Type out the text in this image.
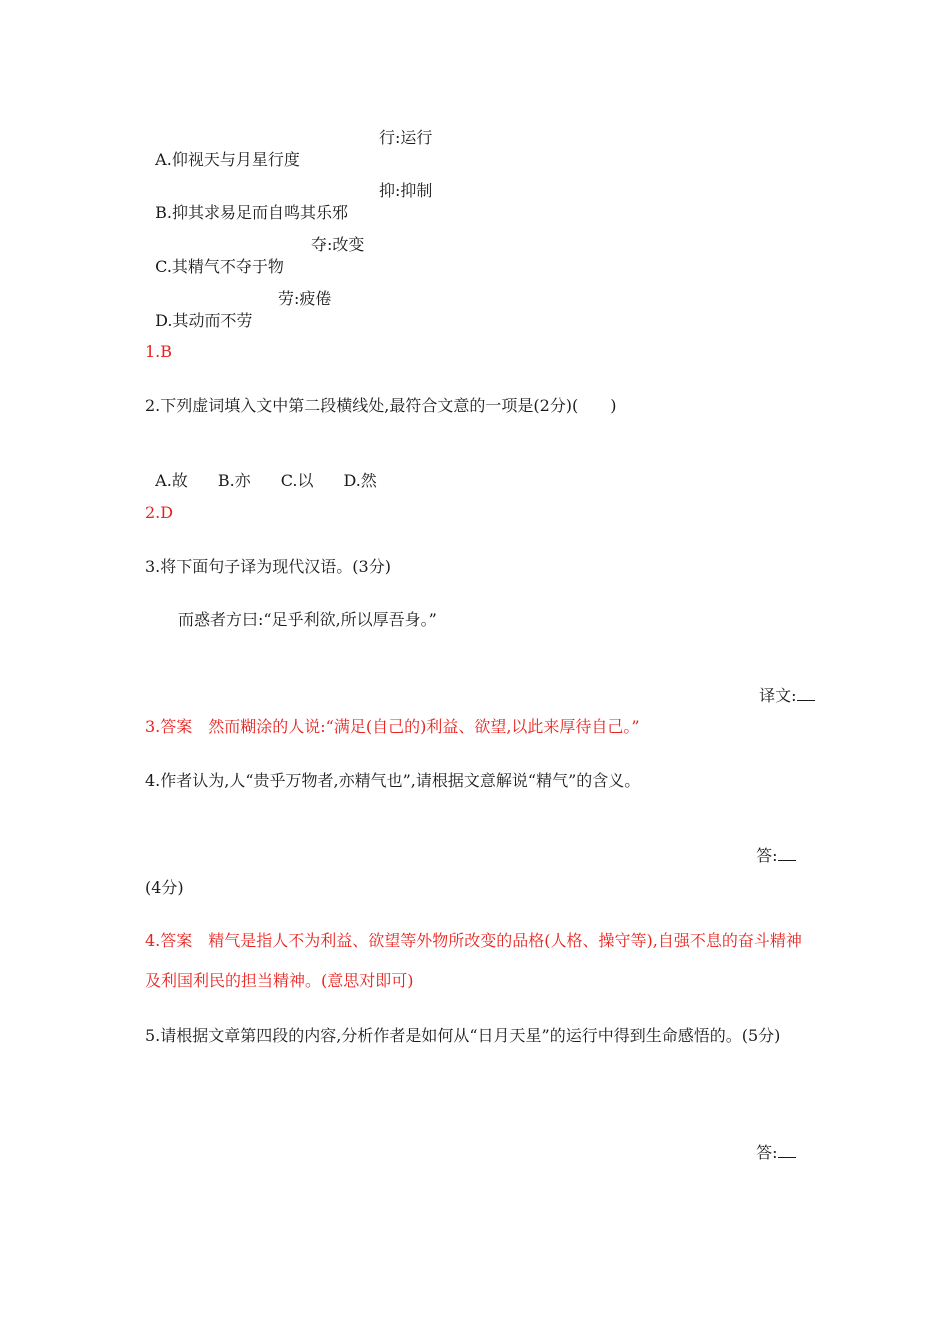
A.仰视天与月星行度

行:运行

B.抑其求易足而自鸣其乐邪

抑:抑制

C.其精气不夺于物

夺:改变

D.其动而不劳

劳:疲倦
1.B
2.下列虚词填入文中第二段横线处,最符合文意的一项是(2分)(　　)

A.故 B.亦 C.以 D.然

2.D
3.将下面句子译为现代汉语。(3分)
而惑者方曰:“足乎利欲,所以厚吾身。”

译文:

3.答案　然而糊涂的人说:“满足(自己的)利益、欲望,以此来厚待自己。”
4.作者认为,人“贵乎万物者,亦精气也”,请根据文意解说“精气”的含义。

答:

(4分)
4.答案　精气是指人不为利益、欲望等外物所改变的品格(人格、操守等),自强不息的奋斗精神及利国利民的担当精神。(意思对即可)
5.请根据文章第四段的内容,分析作者是如何从“日月天星”的运行中得到生命感悟的。(5分)

答:
